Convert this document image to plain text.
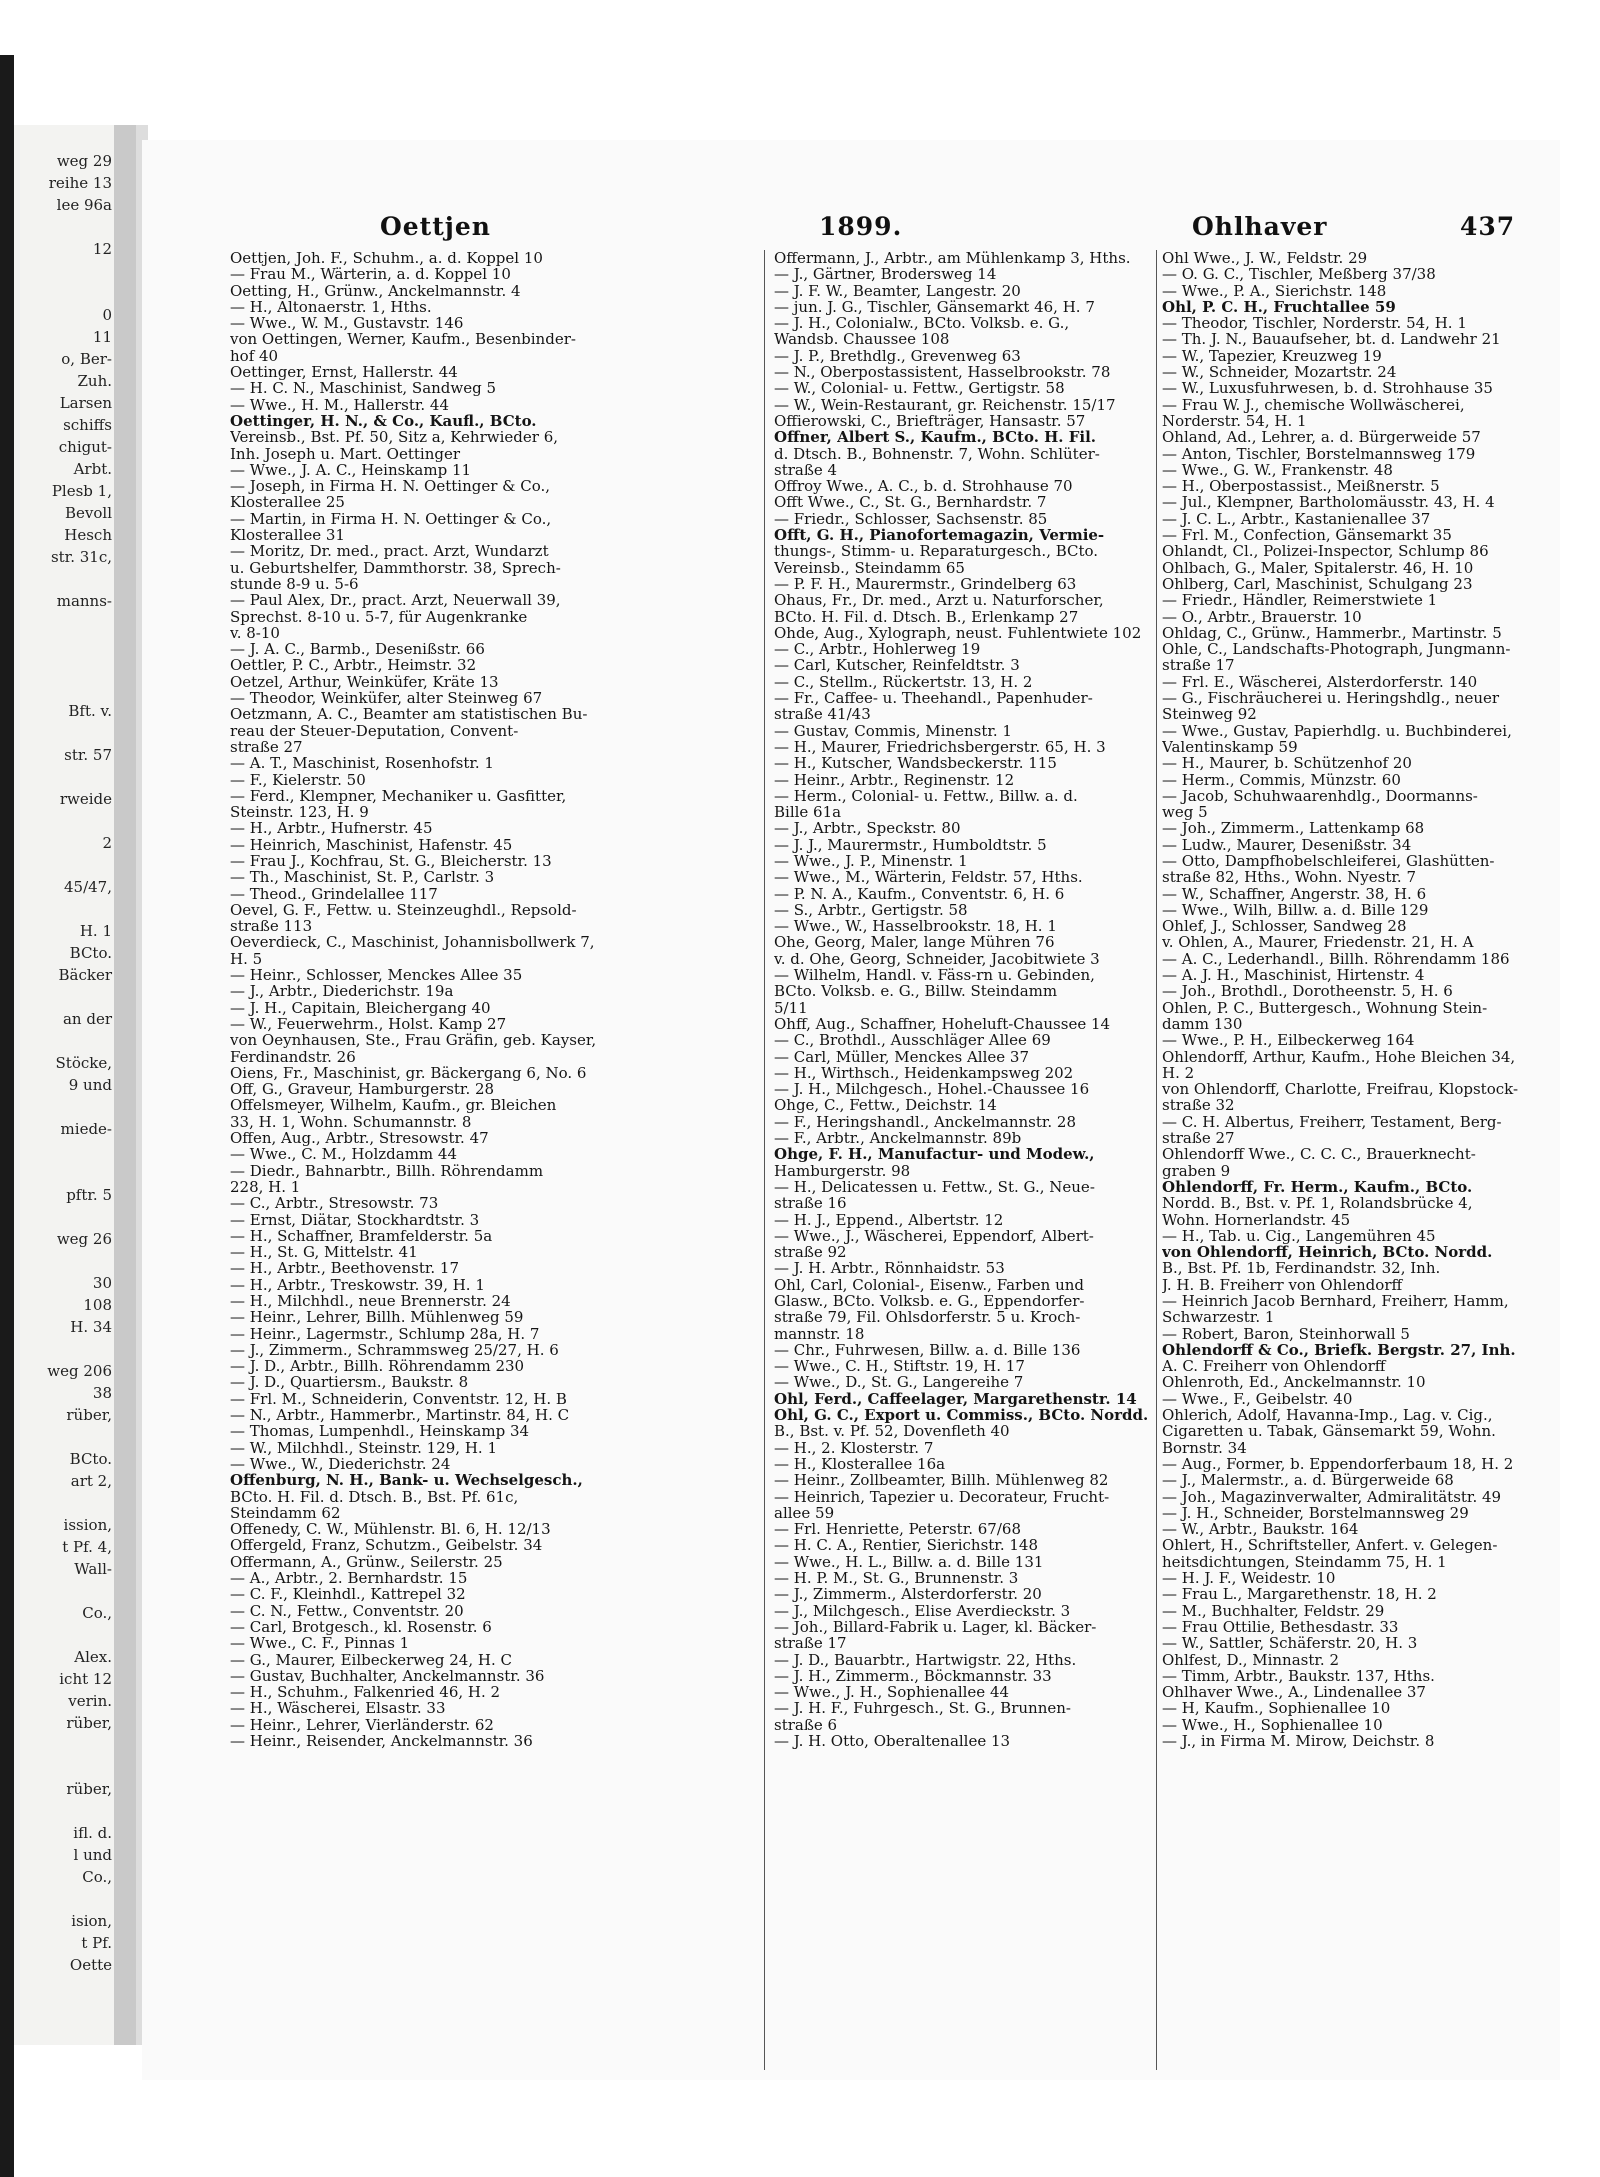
weg 29
reihe 13
lee 96a
12
0
11
o, Ber-
Zuh.
Larsen
schiffs
chigut-
Arbt.
Plesb 1,
Bevoll
Hesch
str. 31c,
manns-
Bft. v.
str. 57
rweide
2
45/47,
H. 1
BCto.
Bäcker
an der
Stöcke,
9 und
miede-
pftr. 5
weg 26
30
108
H. 34
weg 206
38
rüber,
BCto.
art 2,
ission,
t Pf. 4,
Wall-
Co.,
Alex.
icht 12
verin.
rüber,
rüber,
ifl. d.
l und
Co.,
ision,
t Pf.
Oette
Oettjen	1899.	Ohlhaver	437
Oettjen, Joh. F., Schuhm., a. d. Koppel 10
— Frau M., Wärterin, a. d. Koppel 10
Oetting, H., Grünw., Anckelmannstr. 4
— H., Altonaerstr. 1, Hths.
— Wwe., W. M., Gustavstr. 146
von Oettingen, Werner, Kaufm., Besenbinder-
hof 40
Oettinger, Ernst, Hallerstr. 44
— H. C. N., Maschinist, Sandweg 5
— Wwe., H. M., Hallerstr. 44
Oettinger, H. N., & Co., Kaufl., BCto.
Vereinsb., Bst. Pf. 50, Sitz a, Kehrwieder 6,
Inh. Joseph u. Mart. Oettinger
— Wwe., J. A. C., Heinskamp 11
— Joseph, in Firma H. N. Oettinger & Co.,
Klosterallee 25
— Martin, in Firma H. N. Oettinger & Co.,
Klosterallee 31
— Moritz, Dr. med., pract. Arzt, Wundarzt
u. Geburtshelfer, Dammthorstr. 38, Sprech-
stunde 8-9 u. 5-6
— Paul Alex, Dr., pract. Arzt, Neuerwall 39,
Sprechst. 8-10 u. 5-7, für Augenkranke
v. 8-10
— J. A. C., Barmb., Desenißstr. 66
Oettler, P. C., Arbtr., Heimstr. 32
Oetzel, Arthur, Weinküfer, Kräte 13
— Theodor, Weinküfer, alter Steinweg 67
Oetzmann, A. C., Beamter am statistischen Bu-
reau der Steuer-Deputation, Convent-
straße 27
— A. T., Maschinist, Rosenhofstr. 1
— F., Kielerstr. 50
— Ferd., Klempner, Mechaniker u. Gasfitter,
Steinstr. 123, H. 9
— H., Arbtr., Hufnerstr. 45
— Heinrich, Maschinist, Hafenstr. 45
— Frau J., Kochfrau, St. G., Bleicherstr. 13
— Th., Maschinist, St. P., Carlstr. 3
— Theod., Grindelallee 117
Oevel, G. F., Fettw. u. Steinzeughdl., Repsold-
straße 113
Oeverdieck, C., Maschinist, Johannisbollwerk 7,
H. 5
— Heinr., Schlosser, Menckes Allee 35
— J., Arbtr., Diederichstr. 19a
— J. H., Capitain, Bleichergang 40
— W., Feuerwehrm., Holst. Kamp 27
von Oeynhausen, Ste., Frau Gräfin, geb. Kayser,
Ferdinandstr. 26
Oiens, Fr., Maschinist, gr. Bäckergang 6, No. 6
Off, G., Graveur, Hamburgerstr. 28
Offelsmeyer, Wilhelm, Kaufm., gr. Bleichen
33, H. 1, Wohn. Schumannstr. 8
Offen, Aug., Arbtr., Stresowstr. 47
— Wwe., C. M., Holzdamm 44
— Diedr., Bahnarbtr., Billh. Röhrendamm
228, H. 1
— C., Arbtr., Stresowstr. 73
— Ernst, Diätar, Stockhardtstr. 3
— H., Schaffner, Bramfelderstr. 5a
— H., St. G, Mittelstr. 41
— H., Arbtr., Beethovenstr. 17
— H., Arbtr., Treskowstr. 39, H. 1
— H., Milchhdl., neue Brennerstr. 24
— Heinr., Lehrer, Billh. Mühlenweg 59
— Heinr., Lagermstr., Schlump 28a, H. 7
— J., Zimmerm., Schrammsweg 25/27, H. 6
— J. D., Arbtr., Billh. Röhrendamm 230
— J. D., Quartiersm., Baukstr. 8
— Frl. M., Schneiderin, Conventstr. 12, H. B
— N., Arbtr., Hammerbr., Martinstr. 84, H. C
— Thomas, Lumpenhdl., Heinskamp 34
— W., Milchhdl., Steinstr. 129, H. 1
— Wwe., W., Diederichstr. 24
Offenburg, N. H., Bank- u. Wechselgesch.,
BCto. H. Fil. d. Dtsch. B., Bst. Pf. 61c,
Steindamm 62
Offenedy, C. W., Mühlenstr. Bl. 6, H. 12/13
Offergeld, Franz, Schutzm., Geibelstr. 34
Offermann, A., Grünw., Seilerstr. 25
— A., Arbtr., 2. Bernhardstr. 15
— C. F., Kleinhdl., Kattrepel 32
— C. N., Fettw., Conventstr. 20
— Carl, Brotgesch., kl. Rosenstr. 6
— Wwe., C. F., Pinnas 1
— G., Maurer, Eilbeckerweg 24, H. C
— Gustav, Buchhalter, Anckelmannstr. 36
— H., Schuhm., Falkenried 46, H. 2
— H., Wäscherei, Elsastr. 33
— Heinr., Lehrer, Vierländerstr. 62
— Heinr., Reisender, Anckelmannstr. 36
Offermann, J., Arbtr., am Mühlenkamp 3, Hths.
— J., Gärtner, Brodersweg 14
— J. F. W., Beamter, Langestr. 20
— jun. J. G., Tischler, Gänsemarkt 46, H. 7
— J. H., Colonialw., BCto. Volksb. e. G.,
Wandsb. Chaussee 108
— J. P., Brethdlg., Grevenweg 63
— N., Oberpostassistent, Hasselbrookstr. 78
— W., Colonial- u. Fettw., Gertigstr. 58
— W., Wein-Restaurant, gr. Reichenstr. 15/17
Offierowski, C., Briefträger, Hansastr. 57
Offner, Albert S., Kaufm., BCto. H. Fil.
d. Dtsch. B., Bohnenstr. 7, Wohn. Schlüter-
straße 4
Offroy Wwe., A. C., b. d. Strohhause 70
Offt Wwe., C., St. G., Bernhardstr. 7
— Friedr., Schlosser, Sachsenstr. 85
Offt, G. H., Pianofortemagazin, Vermie-
thungs-, Stimm- u. Reparaturgesch., BCto.
Vereinsb., Steindamm 65
— P. F. H., Maurermstr., Grindelberg 63
Ohaus, Fr., Dr. med., Arzt u. Naturforscher,
BCto. H. Fil. d. Dtsch. B., Erlenkamp 27
Ohde, Aug., Xylograph, neust. Fuhlentwiete 102
— C., Arbtr., Hohlerweg 19
— Carl, Kutscher, Reinfeldtstr. 3
— C., Stellm., Rückertstr. 13, H. 2
— Fr., Caffee- u. Theehandl., Papenhuder-
straße 41/43
— Gustav, Commis, Minenstr. 1
— H., Maurer, Friedrichsbergerstr. 65, H. 3
— H., Kutscher, Wandsbeckerstr. 115
— Heinr., Arbtr., Reginenstr. 12
— Herm., Colonial- u. Fettw., Billw. a. d.
Bille 61a
— J., Arbtr., Speckstr. 80
— J. J., Maurermstr., Humboldtstr. 5
— Wwe., J. P., Minenstr. 1
— Wwe., M., Wärterin, Feldstr. 57, Hths.
— P. N. A., Kaufm., Conventstr. 6, H. 6
— S., Arbtr., Gertigstr. 58
— Wwe., W., Hasselbrookstr. 18, H. 1
Ohe, Georg, Maler, lange Mühren 76
v. d. Ohe, Georg, Schneider, Jacobitwiete 3
— Wilhelm, Handl. v. Fäss-rn u. Gebinden,
BCto. Volksb. e. G., Billw. Steindamm
5/11
Ohff, Aug., Schaffner, Hoheluft-Chaussee 14
— C., Brothdl., Ausschläger Allee 69
— Carl, Müller, Menckes Allee 37
— H., Wirthsch., Heidenkampsweg 202
— J. H., Milchgesch., Hohel.-Chaussee 16
Ohge, C., Fettw., Deichstr. 14
— F., Heringshandl., Anckelmannstr. 28
— F., Arbtr., Anckelmannstr. 89b
Ohge, F. H., Manufactur- und Modew.,
Hamburgerstr. 98
— H., Delicatessen u. Fettw., St. G., Neue-
straße 16
— H. J., Eppend., Albertstr. 12
— Wwe., J., Wäscherei, Eppendorf, Albert-
straße 92
— J. H. Arbtr., Rönnhaidstr. 53
Ohl, Carl, Colonial-, Eisenw., Farben und
Glasw., BCto. Volksb. e. G., Eppendorfer-
straße 79, Fil. Ohlsdorferstr. 5 u. Kroch-
mannstr. 18
— Chr., Fuhrwesen, Billw. a. d. Bille 136
— Wwe., C. H., Stiftstr. 19, H. 17
— Wwe., D., St. G., Langereihe 7
Ohl, Ferd., Caffeelager, Margarethenstr. 14
Ohl, G. C., Export u. Commiss., BCto. Nordd.
B., Bst. v. Pf. 52, Dovenfleth 40
— H., 2. Klosterstr. 7
— H., Klosterallee 16a
— Heinr., Zollbeamter, Billh. Mühlenweg 82
— Heinrich, Tapezier u. Decorateur, Frucht-
allee 59
— Frl. Henriette, Peterstr. 67/68
— H. C. A., Rentier, Sierichstr. 148
— Wwe., H. L., Billw. a. d. Bille 131
— H. P. M., St. G., Brunnenstr. 3
— J., Zimmerm., Alsterdorferstr. 20
— J., Milchgesch., Elise Averdieckstr. 3
— Joh., Billard-Fabrik u. Lager, kl. Bäcker-
straße 17
— J. D., Bauarbtr., Hartwigstr. 22, Hths.
— J. H., Zimmerm., Böckmannstr. 33
— Wwe., J. H., Sophienallee 44
— J. H. F., Fuhrgesch., St. G., Brunnen-
straße 6
— J. H. Otto, Oberaltenallee 13
Ohl Wwe., J. W., Feldstr. 29
— O. G. C., Tischler, Meßberg 37/38
— Wwe., P. A., Sierichstr. 148
Ohl, P. C. H., Fruchtallee 59
— Theodor, Tischler, Norderstr. 54, H. 1
— Th. J. N., Bauaufseher, bt. d. Landwehr 21
— W., Tapezier, Kreuzweg 19
— W., Schneider, Mozartstr. 24
— W., Luxusfuhrwesen, b. d. Strohhause 35
— Frau W. J., chemische Wollwäscherei,
Norderstr. 54, H. 1
Ohland, Ad., Lehrer, a. d. Bürgerweide 57
— Anton, Tischler, Borstelmannsweg 179
— Wwe., G. W., Frankenstr. 48
— H., Oberpostassist., Meißnerstr. 5
— Jul., Klempner, Bartholomäusstr. 43, H. 4
— J. C. L., Arbtr., Kastanienallee 37
— Frl. M., Confection, Gänsemarkt 35
Ohlandt, Cl., Polizei-Inspector, Schlump 86
Ohlbach, G., Maler, Spitalerstr. 46, H. 10
Ohlberg, Carl, Maschinist, Schulgang 23
— Friedr., Händler, Reimerstwiete 1
— O., Arbtr., Brauerstr. 10
Ohldag, C., Grünw., Hammerbr., Martinstr. 5
Ohle, C., Landschafts-Photograph, Jungmann-
straße 17
— Frl. E., Wäscherei, Alsterdorferstr. 140
— G., Fischräucherei u. Heringshdlg., neuer
Steinweg 92
— Wwe., Gustav, Papierhdlg. u. Buchbinderei,
Valentinskamp 59
— H., Maurer, b. Schützenhof 20
— Herm., Commis, Münzstr. 60
— Jacob, Schuhwaarenhdlg., Doormanns-
weg 5
— Joh., Zimmerm., Lattenkamp 68
— Ludw., Maurer, Desenißstr. 34
— Otto, Dampfhobelschleiferei, Glashütten-
straße 82, Hths., Wohn. Nyestr. 7
— W., Schaffner, Angerstr. 38, H. 6
— Wwe., Wilh, Billw. a. d. Bille 129
Ohlef, J., Schlosser, Sandweg 28
v. Ohlen, A., Maurer, Friedenstr. 21, H. A
— A. C., Lederhandl., Billh. Röhrendamm 186
— A. J. H., Maschinist, Hirtenstr. 4
— Joh., Brothdl., Dorotheenstr. 5, H. 6
Ohlen, P. C., Buttergesch., Wohnung Stein-
damm 130
— Wwe., P. H., Eilbeckerweg 164
Ohlendorff, Arthur, Kaufm., Hohe Bleichen 34,
H. 2
von Ohlendorff, Charlotte, Freifrau, Klopstock-
straße 32
— C. H. Albertus, Freiherr, Testament, Berg-
straße 27
Ohlendorff Wwe., C. C. C., Brauerknecht-
graben 9
Ohlendorff, Fr. Herm., Kaufm., BCto.
Nordd. B., Bst. v. Pf. 1, Rolandsbrücke 4,
Wohn. Hornerlandstr. 45
— H., Tab. u. Cig., Langemühren 45
von Ohlendorff, Heinrich, BCto. Nordd.
B., Bst. Pf. 1b, Ferdinandstr. 32, Inh.
J. H. B. Freiherr von Ohlendorff
— Heinrich Jacob Bernhard, Freiherr, Hamm,
Schwarzestr. 1
— Robert, Baron, Steinhorwall 5
Ohlendorff & Co., Briefk. Bergstr. 27, Inh.
A. C. Freiherr von Ohlendorff
Ohlenroth, Ed., Anckelmannstr. 10
— Wwe., F., Geibelstr. 40
Ohlerich, Adolf, Havanna-Imp., Lag. v. Cig.,
Cigaretten u. Tabak, Gänsemarkt 59, Wohn.
Bornstr. 34
— Aug., Former, b. Eppendorferbaum 18, H. 2
— J., Malermstr., a. d. Bürgerweide 68
— Joh., Magazinverwalter, Admiralitätstr. 49
— J. H., Schneider, Borstelmannsweg 29
— W., Arbtr., Baukstr. 164
Ohlert, H., Schriftsteller, Anfert. v. Gelegen-
heitsdichtungen, Steindamm 75, H. 1
— H. J. F., Weidestr. 10
— Frau L., Margarethenstr. 18, H. 2
— M., Buchhalter, Feldstr. 29
— Frau Ottilie, Bethesdastr. 33
— W., Sattler, Schäferstr. 20, H. 3
Ohlfest, D., Minnastr. 2
— Timm, Arbtr., Baukstr. 137, Hths.
Ohlhaver Wwe., A., Lindenallee 37
— H, Kaufm., Sophienallee 10
— Wwe., H., Sophienallee 10
— J., in Firma M. Mirow, Deichstr. 8
